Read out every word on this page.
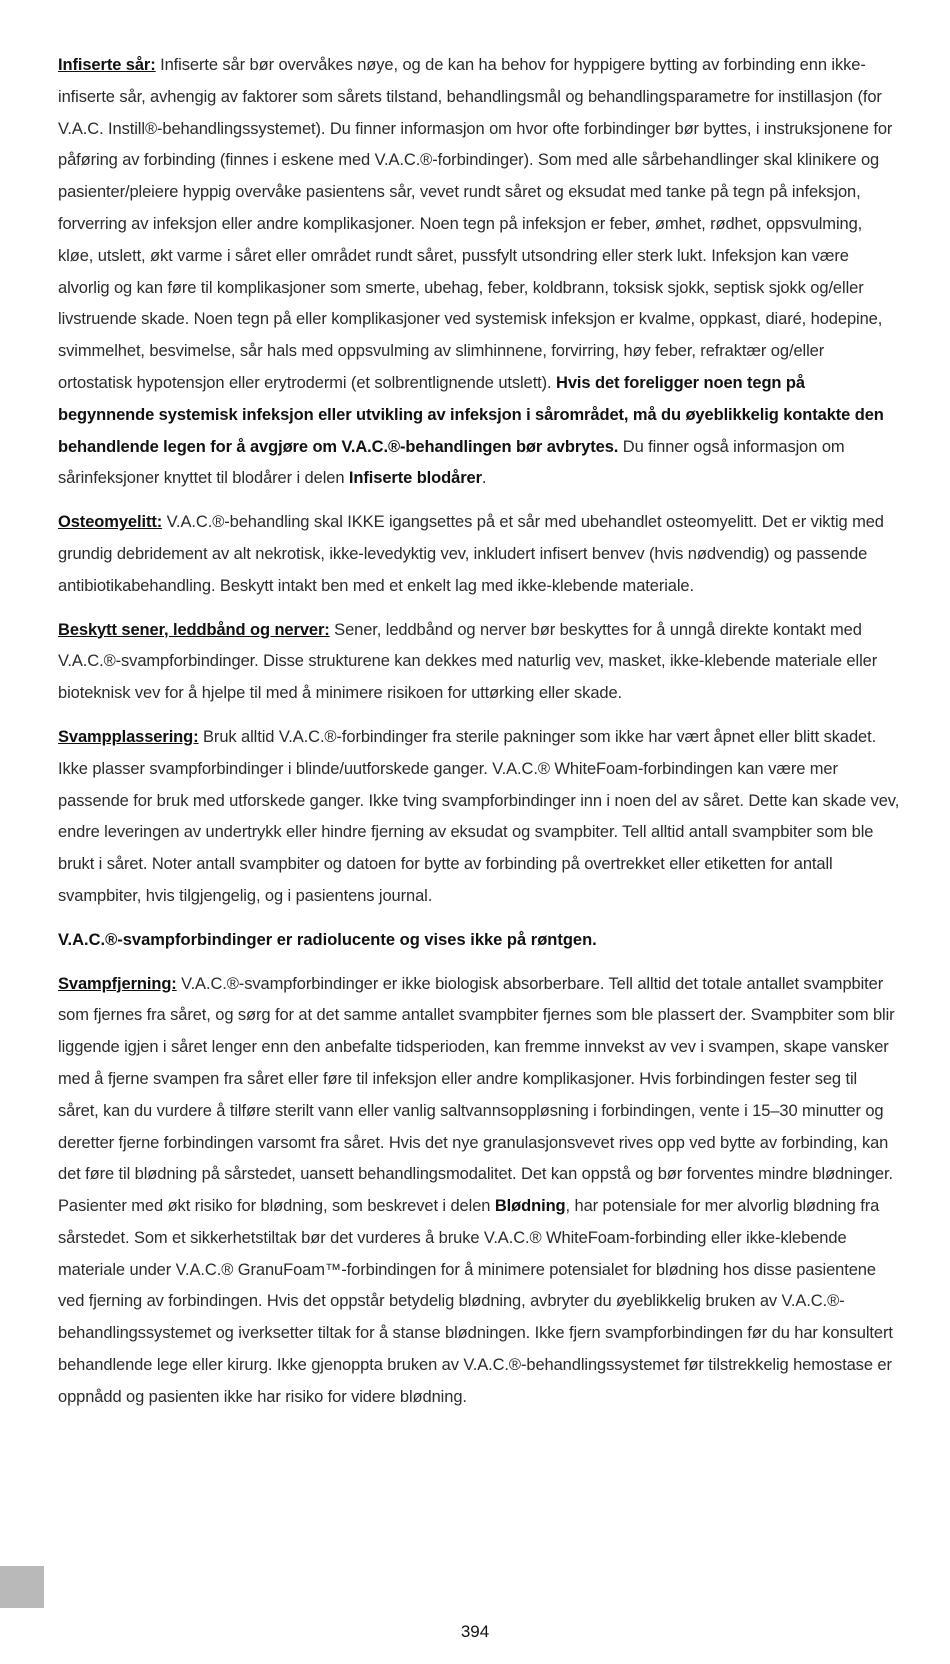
Infiserte sår: Infiserte sår bør overvåkes nøye, og de kan ha behov for hyppigere bytting av forbinding enn ikke-infiserte sår, avhengig av faktorer som sårets tilstand, behandlingsmål og behandlingsparametre for instillasjon (for V.A.C. Instill®-behandlingssystemet). Du finner informasjon om hvor ofte forbindinger bør byttes, i instruksjonene for påføring av forbinding (finnes i eskene med V.A.C.®-forbindinger). Som med alle sårbehandlinger skal klinikere og pasienter/pleiere hyppig overvåke pasientens sår, vevet rundt såret og eksudat med tanke på tegn på infeksjon, forverring av infeksjon eller andre komplikasjoner. Noen tegn på infeksjon er feber, ømhet, rødhet, oppsvulming, kløe, utslett, økt varme i såret eller området rundt såret, pussfylt utsondring eller sterk lukt. Infeksjon kan være alvorlig og kan føre til komplikasjoner som smerte, ubehag, feber, koldbrann, toksisk sjokk, septisk sjokk og/eller livstruende skade. Noen tegn på eller komplikasjoner ved systemisk infeksjon er kvalme, oppkast, diaré, hodepine, svimmelhet, besvimelse, sår hals med oppsvulming av slimhinnene, forvirring, høy feber, refraktær og/eller ortostatisk hypotensjon eller erytrodermi (et solbrentlignende utslett). Hvis det foreligger noen tegn på begynnende systemisk infeksjon eller utvikling av infeksjon i sårområdet, må du øyeblikkelig kontakte den behandlende legen for å avgjøre om V.A.C.®-behandlingen bør avbrytes. Du finner også informasjon om sårinfeksjoner knyttet til blodårer i delen Infiserte blodårer.

Osteomyelitt: V.A.C.®-behandling skal IKKE igangsettes på et sår med ubehandlet osteomyelitt. Det er viktig med grundig debridement av alt nekrotisk, ikke-levedyktig vev, inkludert infisert benvev (hvis nødvendig) og passende antibiotikabehandling. Beskytt intakt ben med et enkelt lag med ikke-klebende materiale.

Beskytt sener, leddbånd og nerver: Sener, leddbånd og nerver bør beskyttes for å unngå direkte kontakt med V.A.C.®-svampforbindinger. Disse strukturene kan dekkes med naturlig vev, masket, ikke-klebende materiale eller bioteknisk vev for å hjelpe til med å minimere risikoen for uttørking eller skade.

Svampplassering: Bruk alltid V.A.C.®-forbindinger fra sterile pakninger som ikke har vært åpnet eller blitt skadet. Ikke plasser svampforbindinger i blinde/uutforskede ganger. V.A.C.® WhiteFoam-forbindingen kan være mer passende for bruk med utforskede ganger. Ikke tving svampforbindinger inn i noen del av såret. Dette kan skade vev, endre leveringen av undertrykk eller hindre fjerning av eksudat og svampbiter. Tell alltid antall svampbiter som ble brukt i såret. Noter antall svampbiter og datoen for bytte av forbinding på overtrekket eller etiketten for antall svampbiter, hvis tilgjengelig, og i pasientens journal.

V.A.C.®-svampforbindinger er radiolucente og vises ikke på røntgen.

Svampfjerning: V.A.C.®-svampforbindinger er ikke biologisk absorberbare. Tell alltid det totale antallet svampbiter som fjernes fra såret, og sørg for at det samme antallet svampbiter fjernes som ble plassert der. Svampbiter som blir liggende igjen i såret lenger enn den anbefalte tidsperioden, kan fremme innvekst av vev i svampen, skape vansker med å fjerne svampen fra såret eller føre til infeksjon eller andre komplikasjoner. Hvis forbindingen fester seg til såret, kan du vurdere å tilføre sterilt vann eller vanlig saltvannsoppløsning i forbindingen, vente i 15–30 minutter og deretter fjerne forbindingen varsomt fra såret. Hvis det nye granulasjonsvevet rives opp ved bytte av forbinding, kan det føre til blødning på sårstedet, uansett behandlingsmodalitet. Det kan oppstå og bør forventes mindre blødninger. Pasienter med økt risiko for blødning, som beskrevet i delen Blødning, har potensiale for mer alvorlig blødning fra sårstedet. Som et sikkerhetstiltak bør det vurderes å bruke V.A.C.® WhiteFoam-forbinding eller ikke-klebende materiale under V.A.C.® GranuFoam™-forbindingen for å minimere potensialet for blødning hos disse pasientene ved fjerning av forbindingen. Hvis det oppstår betydelig blødning, avbryter du øyeblikkelig bruken av V.A.C.®-behandlingssystemet og iverksetter tiltak for å stanse blødningen. Ikke fjern svampforbindingen før du har konsultert behandlende lege eller kirurg. Ikke gjenoppta bruken av V.A.C.®-behandlingssystemet før tilstrekkelig hemostase er oppnådd og pasienten ikke har risiko for videre blødning.

394
